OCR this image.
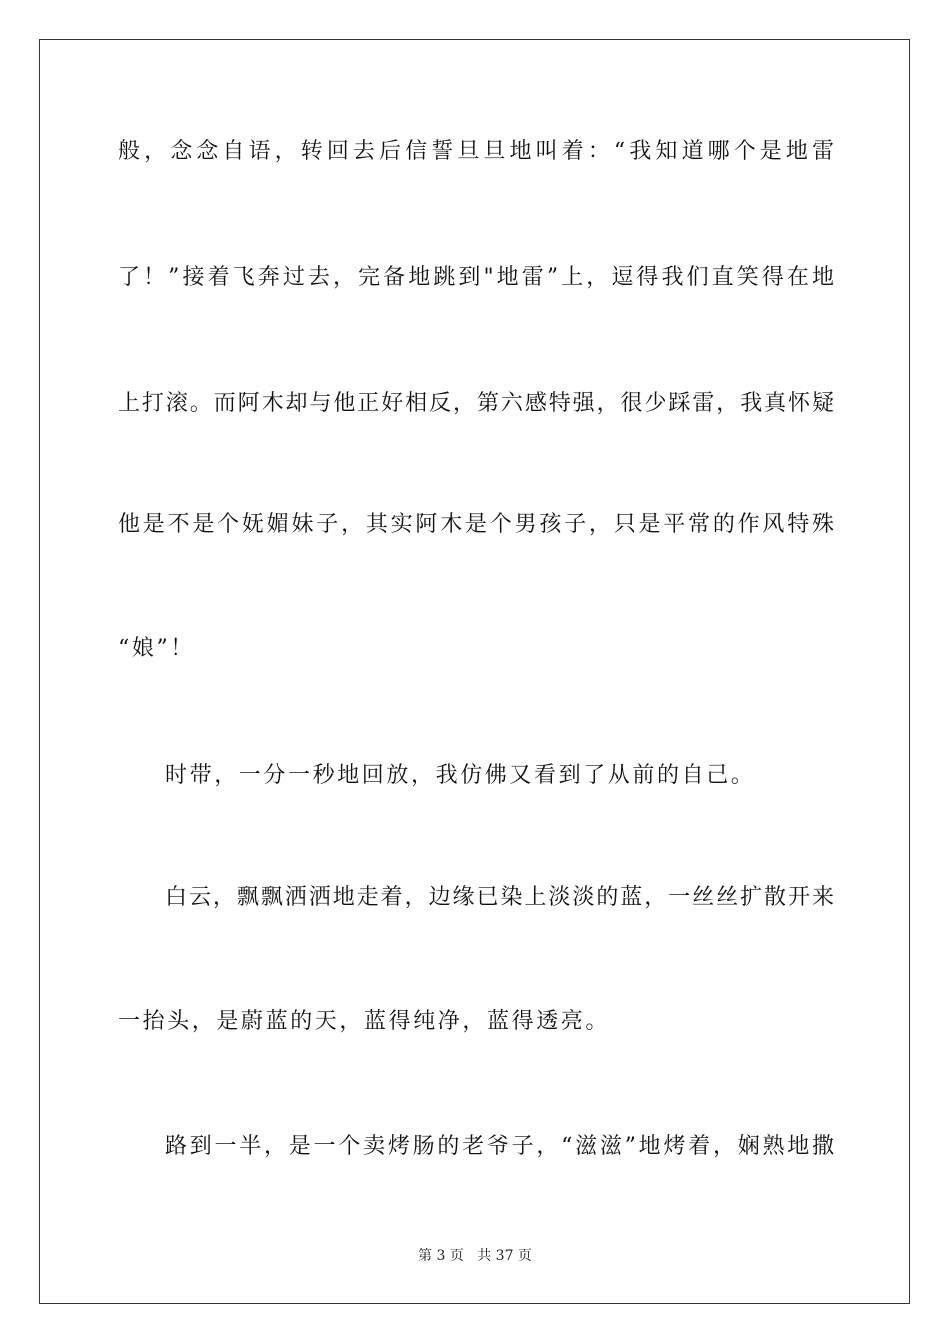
般，念念自语，转回去后信誓旦旦地叫着：“我知道哪个是地雷
了！”接着飞奔过去，完备地跳到"地雷”上，逗得我们直笑得在地
上打滚。而阿木却与他正好相反，第六感特强，很少踩雷，我真怀疑
他是不是个妩媚妹子，其实阿木是个男孩子，只是平常的作风特殊
“娘”！
时带，一分一秒地回放，我仿佛又看到了从前的自己。
白云，飘飘洒洒地走着，边缘已染上淡淡的蓝，一丝丝扩散开来
一抬头，是蔚蓝的天，蓝得纯净，蓝得透亮。
路到一半，是一个卖烤肠的老爷子，“滋滋”地烤着，娴熟地撒
第 3 页 共 37 页
